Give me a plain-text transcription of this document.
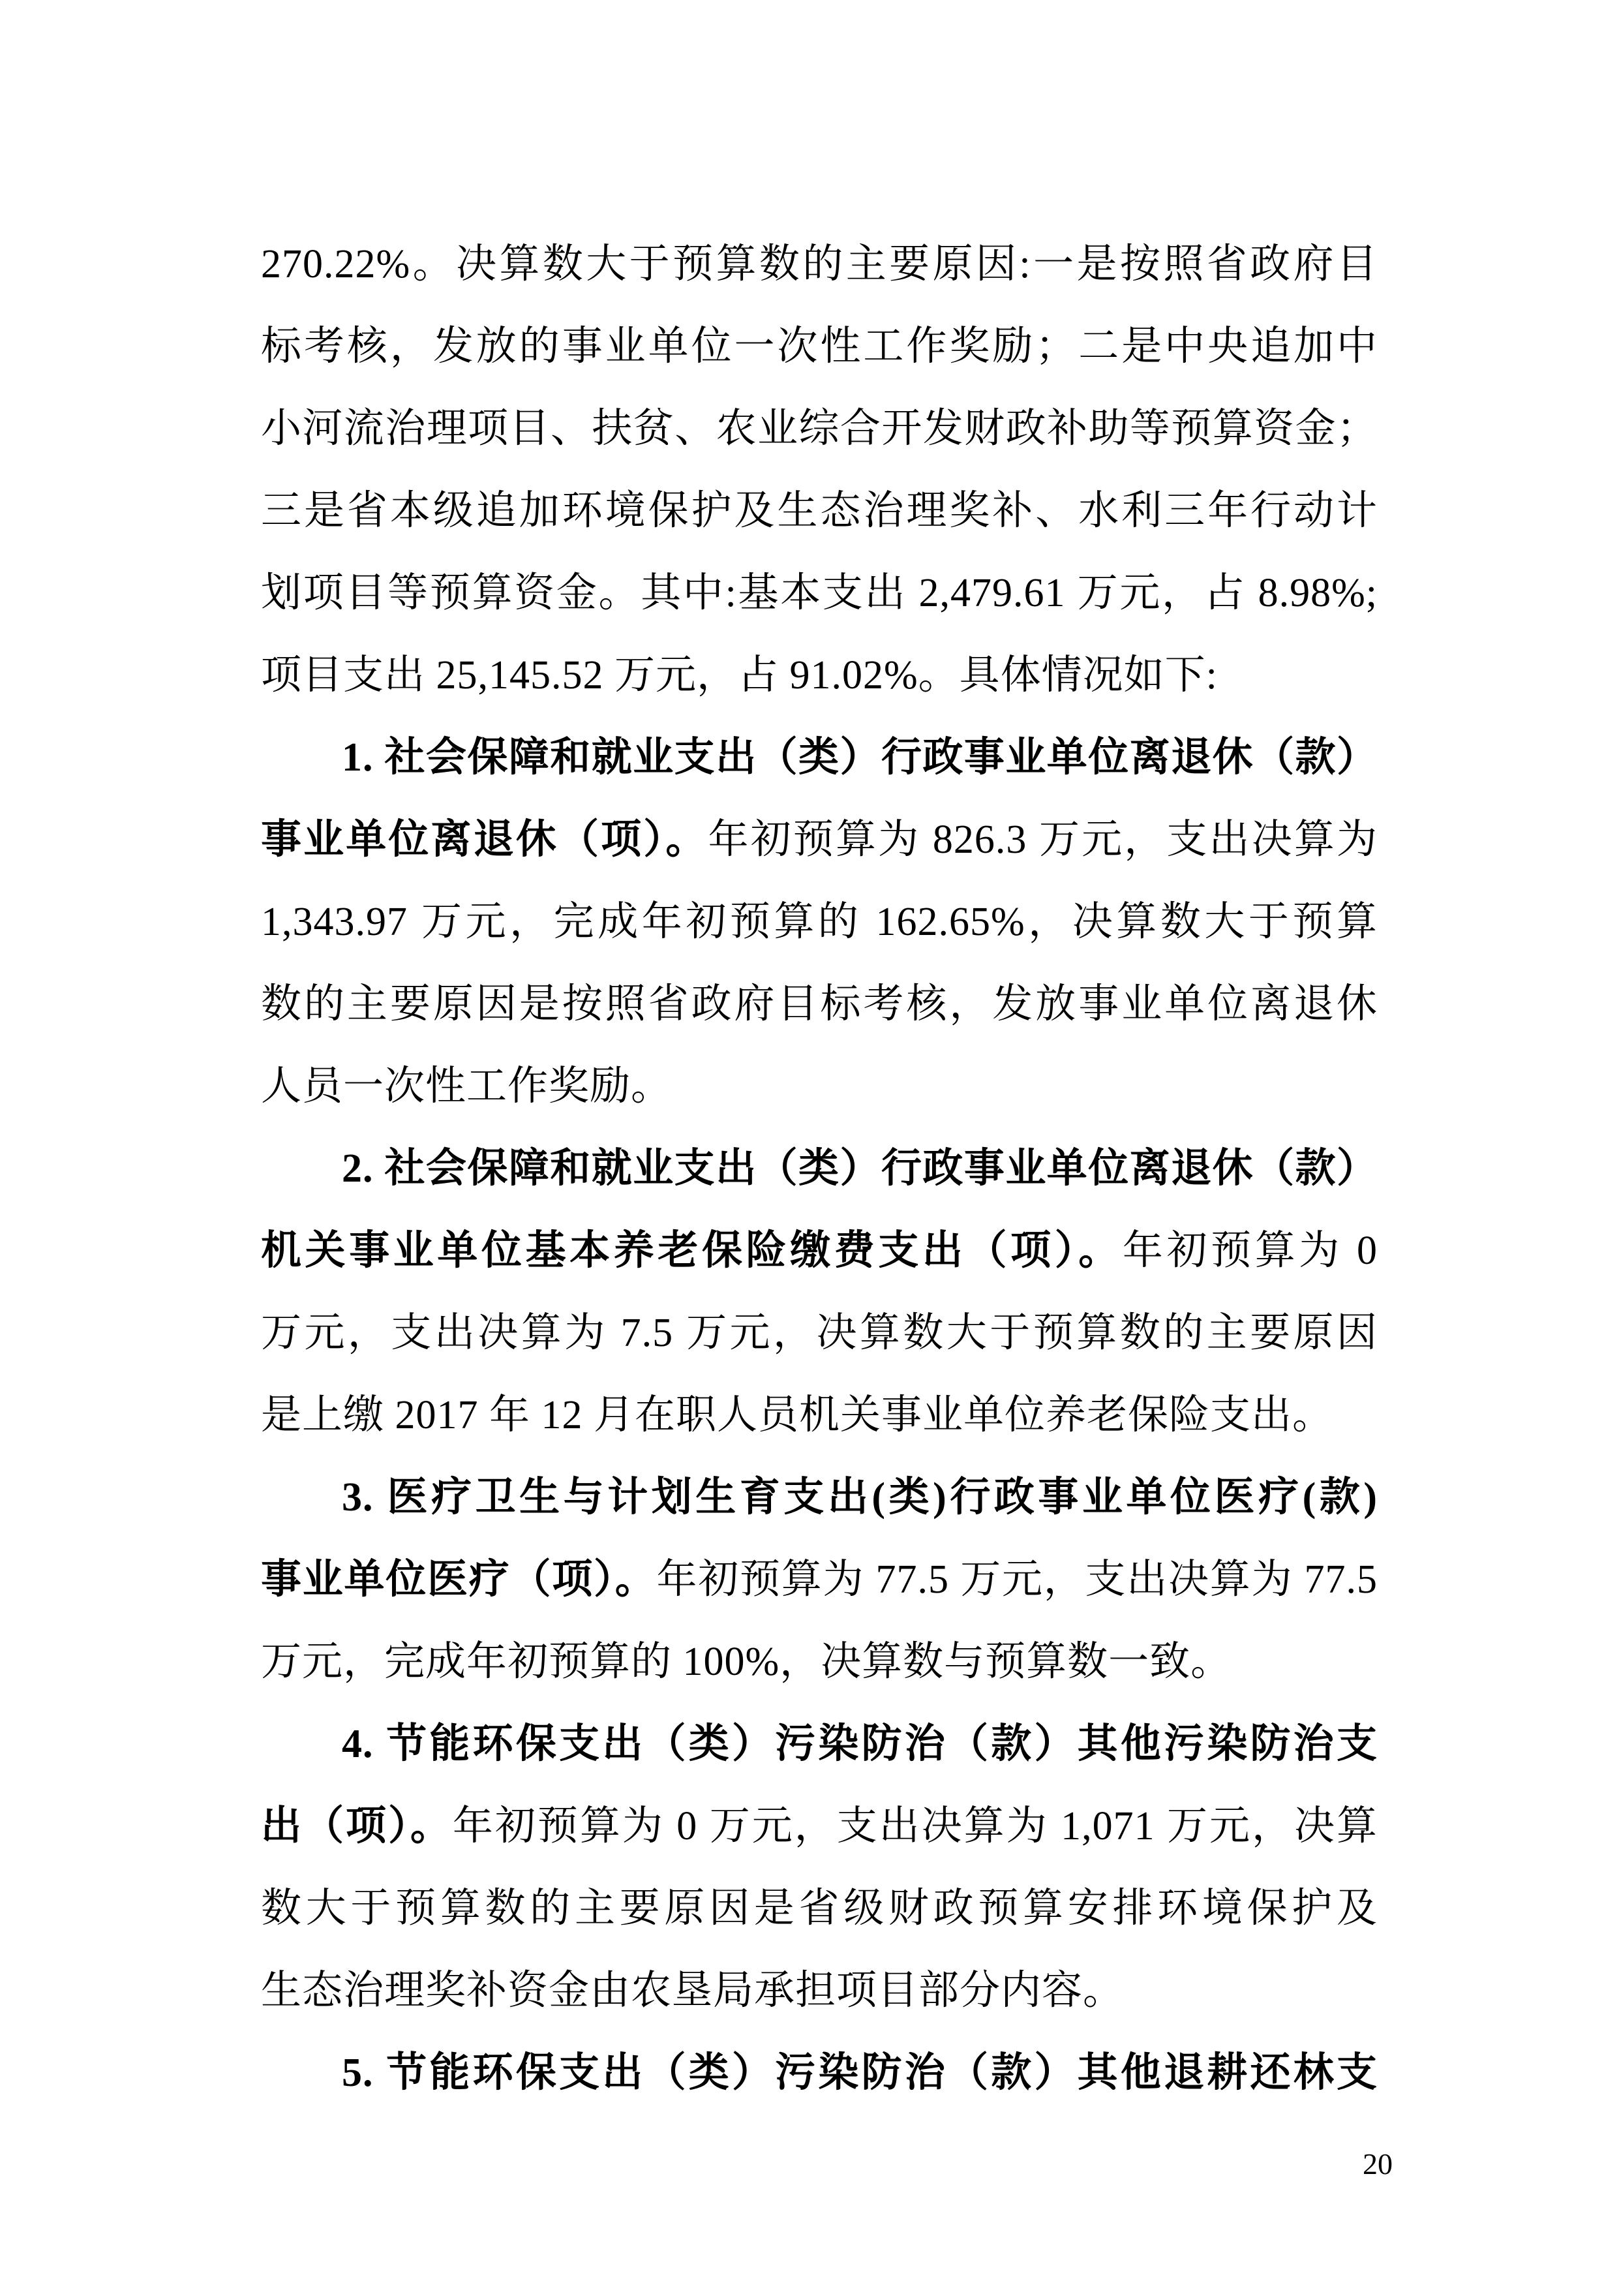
270.22%。决算数大于预算数的主要原因:一是按照省政府目
标考核，发放的事业单位一次性工作奖励；二是中央追加中
小河流治理项目、扶贫、农业综合开发财政补助等预算资金；
三是省本级追加环境保护及生态治理奖补、水利三年行动计
划项目等预算资金。其中:基本支出 2,479.61 万元，占 8.98%;
项目支出 25,145.52 万元，占 91.02%。具体情况如下:
1. 社会保障和就业支出（类）行政事业单位离退休（款）
事业单位离退休（项）。年初预算为 826.3 万元，支出决算为
1,343.97 万元，完成年初预算的 162.65%，决算数大于预算
数的主要原因是按照省政府目标考核，发放事业单位离退休
人员一次性工作奖励。
2. 社会保障和就业支出（类）行政事业单位离退休（款）
机关事业单位基本养老保险缴费支出（项）。年初预算为 0
万元，支出决算为 7.5 万元，决算数大于预算数的主要原因
是上缴 2017 年 12 月在职人员机关事业单位养老保险支出。
3. 医疗卫生与计划生育支出(类)行政事业单位医疗(款)
事业单位医疗（项）。年初预算为 77.5 万元，支出决算为 77.5
万元，完成年初预算的 100%，决算数与预算数一致。
4. 节能环保支出（类）污染防治（款）其他污染防治支
出（项）。年初预算为 0 万元，支出决算为 1,071 万元，决算
数大于预算数的主要原因是省级财政预算安排环境保护及
生态治理奖补资金由农垦局承担项目部分内容。
5. 节能环保支出（类）污染防治（款）其他退耕还林支
20
